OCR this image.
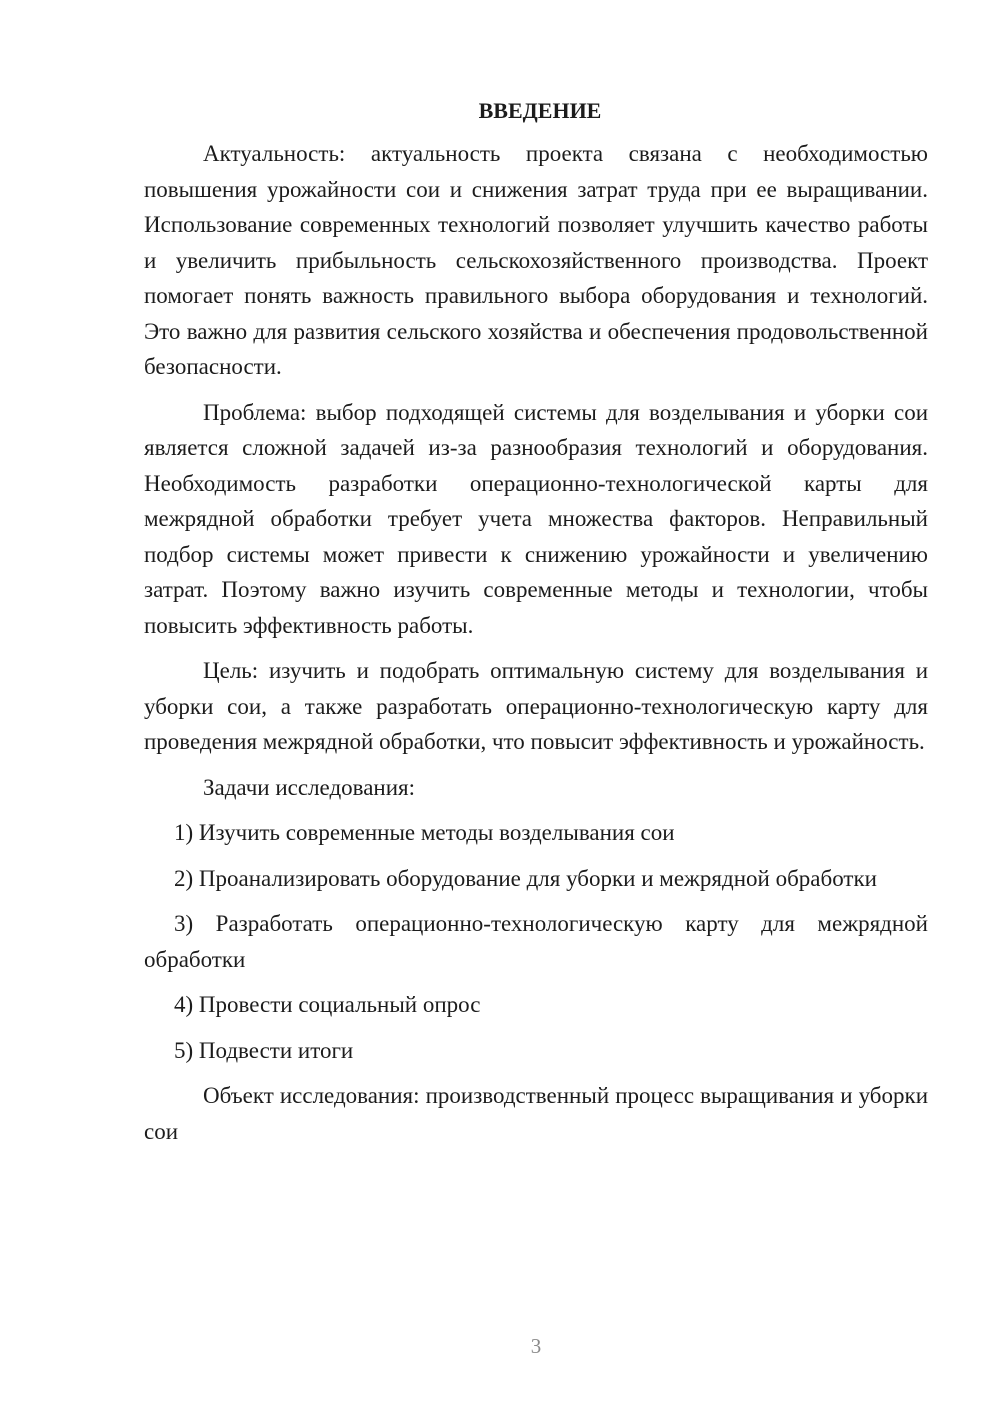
ВВЕДЕНИЕ

Актуальность: актуальность проекта связана с необходимостью повышения урожайности сои и снижения затрат труда при ее выращивании. Использование современных технологий позволяет улучшить качество работы и увеличить прибыльность сельскохозяйственного производства. Проект помогает понять важность правильного выбора оборудования и технологий. Это важно для развития сельского хозяйства и обеспечения продовольственной безопасности.

Проблема: выбор подходящей системы для возделывания и уборки сои является сложной задачей из-за разнообразия технологий и оборудования. Необходимость разработки операционно-технологической карты для межрядной обработки требует учета множества факторов. Неправильный подбор системы может привести к снижению урожайности и увеличению затрат. Поэтому важно изучить современные методы и технологии, чтобы повысить эффективность работы.

Цель: изучить и подобрать оптимальную систему для возделывания и уборки сои, а также разработать операционно-технологическую карту для проведения межрядной обработки, что повысит эффективность и урожайность.

Задачи исследования:

1) Изучить современные методы возделывания сои

2) Проанализировать оборудование для уборки и межрядной обработки

3) Разработать операционно-технологическую карту для межрядной обработки

4) Провести социальный опрос

5) Подвести итоги

Объект исследования: производственный процесс выращивания и уборки сои

3
